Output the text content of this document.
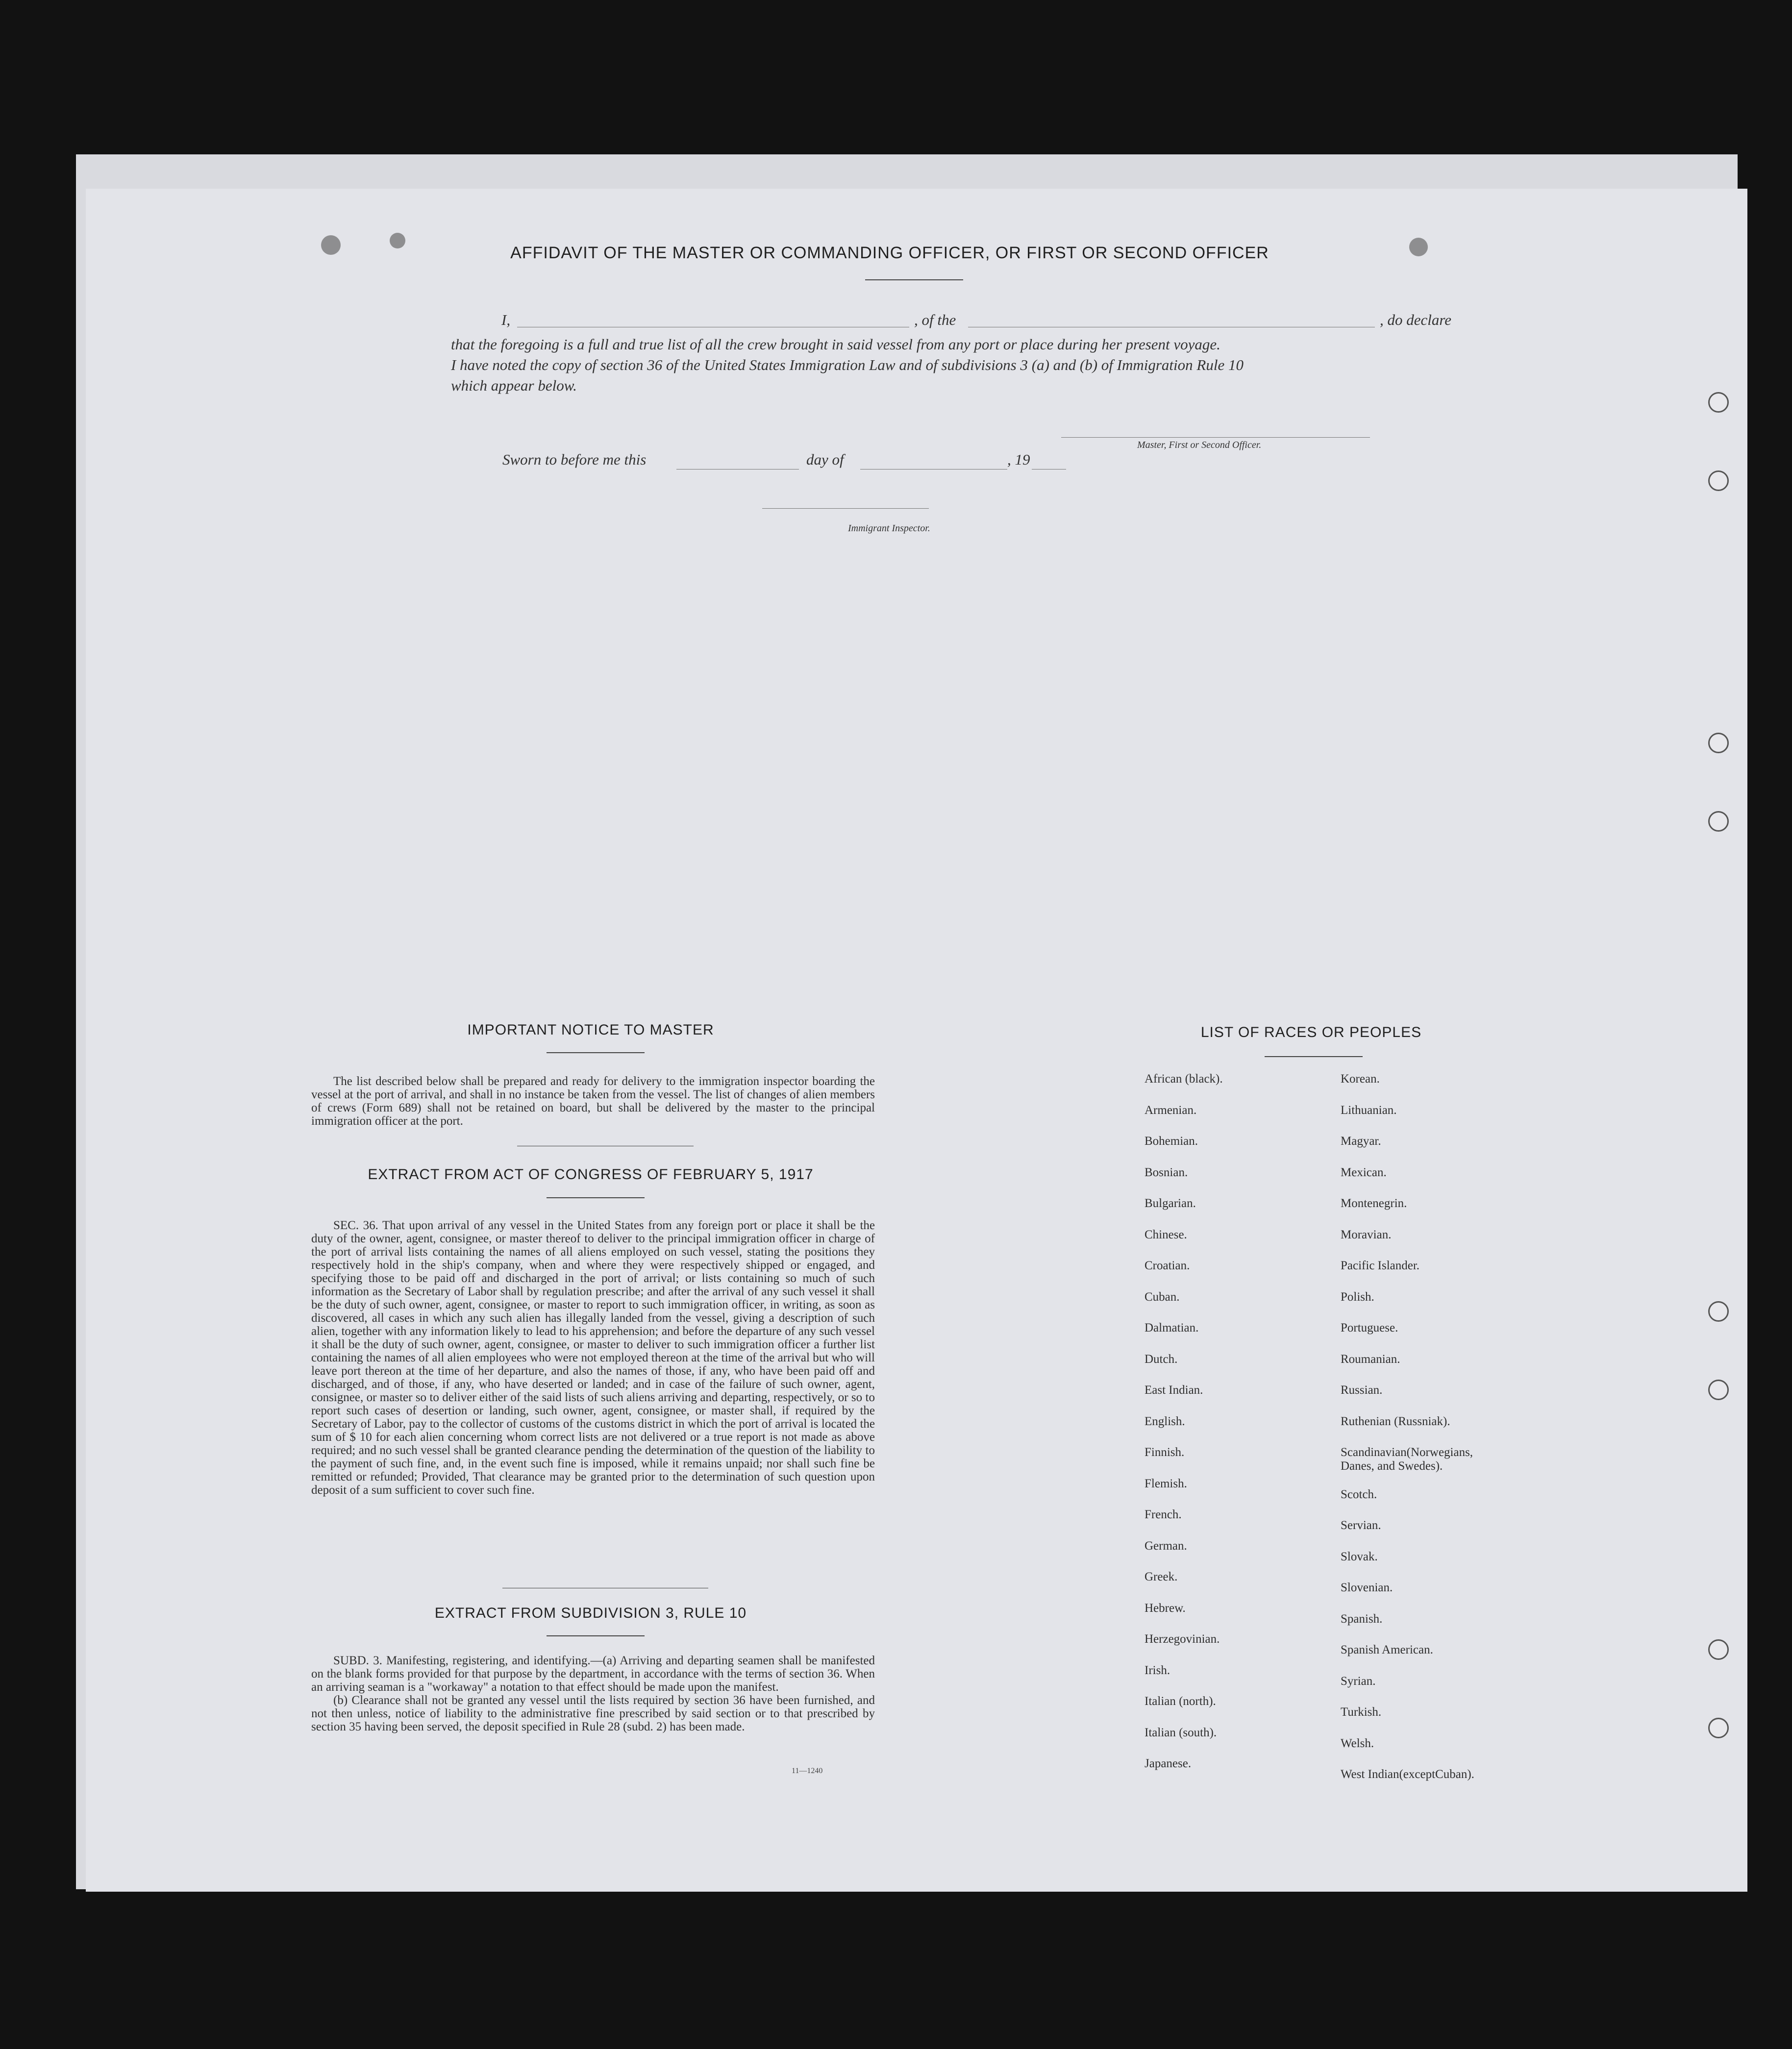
AFFIDAVIT OF THE MASTER OR COMMANDING OFFICER, OR FIRST OR SECOND OFFICER
I,	, of the	, do declare
that the foregoing is a full and true list of all the crew brought in said vessel from any port or place during her present voyage.
I have noted the copy of section 36 of the United States Immigration Law and of subdivisions 3 (a) and (b) of Immigration Rule 10
which appear below.
Master, First or Second Officer.
Sworn to before me this	day of	, 19
Immigrant Inspector.
IMPORTANT NOTICE TO MASTER

The list described below shall be prepared and ready for delivery to the immigration inspector boarding the vessel at the port of arrival, and shall in no instance be taken from the vessel. The list of changes of alien members of crews (Form 689) shall not be retained on board, but shall be delivered by the master to the principal immigration officer at the port.

EXTRACT FROM ACT OF CONGRESS OF FEBRUARY 5, 1917

SEC. 36. That upon arrival of any vessel in the United States from any foreign port or place it shall be the duty of the owner, agent, consignee, or master thereof to deliver to the principal immigration officer in charge of the port of arrival lists containing the names of all aliens employed on such vessel, stating the positions they respectively hold in the ship's company, when and where they were respectively shipped or engaged, and specifying those to be paid off and discharged in the port of arrival; or lists containing so much of such information as the Secretary of Labor shall by regulation prescribe; and after the arrival of any such vessel it shall be the duty of such owner, agent, consignee, or master to report to such immigration officer, in writing, as soon as discovered, all cases in which any such alien has illegally landed from the vessel, giving a description of such alien, together with any information likely to lead to his apprehension; and before the departure of any such vessel it shall be the duty of such owner, agent, consignee, or master to deliver to such immigration officer a further list containing the names of all alien employees who were not employed thereon at the time of the arrival but who will leave port thereon at the time of her departure, and also the names of those, if any, who have been paid off and discharged, and of those, if any, who have deserted or landed; and in case of the failure of such owner, agent, consignee, or master so to deliver either of the said lists of such aliens arriving and departing, respectively, or so to report such cases of desertion or landing, such owner, agent, consignee, or master shall, if required by the Secretary of Labor, pay to the collector of customs of the customs district in which the port of arrival is located the sum of $ 10 for each alien concerning whom correct lists are not delivered or a true report is not made as above required; and no such vessel shall be granted clearance pending the determination of the question of the liability to the payment of such fine, and, in the event such fine is imposed, while it remains unpaid; nor shall such fine be remitted or refunded; Provided, That clearance may be granted prior to the determination of such question upon deposit of a sum sufficient to cover such fine.

EXTRACT FROM SUBDIVISION 3, RULE 10

SUBD. 3. Manifesting, registering, and identifying.—(a) Arriving and departing seamen shall be manifested on the blank forms provided for that purpose by the department, in accordance with the terms of section 36. When an arriving seaman is a "workaway" a notation to that effect should be made upon the manifest.

(b) Clearance shall not be granted any vessel until the lists required by section 36 have been furnished, and not then unless, notice of liability to the administrative fine prescribed by said section or to that prescribed by section 35 having been served, the deposit specified in Rule 28 (subd. 2) has been made.

11—1240
LIST OF RACES OR PEOPLES
African (black).
Armenian.
Bohemian.
Bosnian.
Bulgarian.
Chinese.
Croatian.
Cuban.
Dalmatian.
Dutch.
East Indian.
English.
Finnish.
Flemish.
French.
German.
Greek.
Hebrew.
Herzegovinian.
Irish.
Italian (north).
Italian (south).
Japanese.
Korean.
Lithuanian.
Magyar.
Mexican.
Montenegrin.
Moravian.
Pacific Islander.
Polish.
Portuguese.
Roumanian.
Russian.
Ruthenian (Russniak).
Scandinavian(Norwegians,
Scotch.
Servian.
Slovak.
Slovenian.
Spanish.
Spanish American.
Syrian.
Turkish.
Welsh.
West Indian(exceptCuban).
Danes, and Swedes).
